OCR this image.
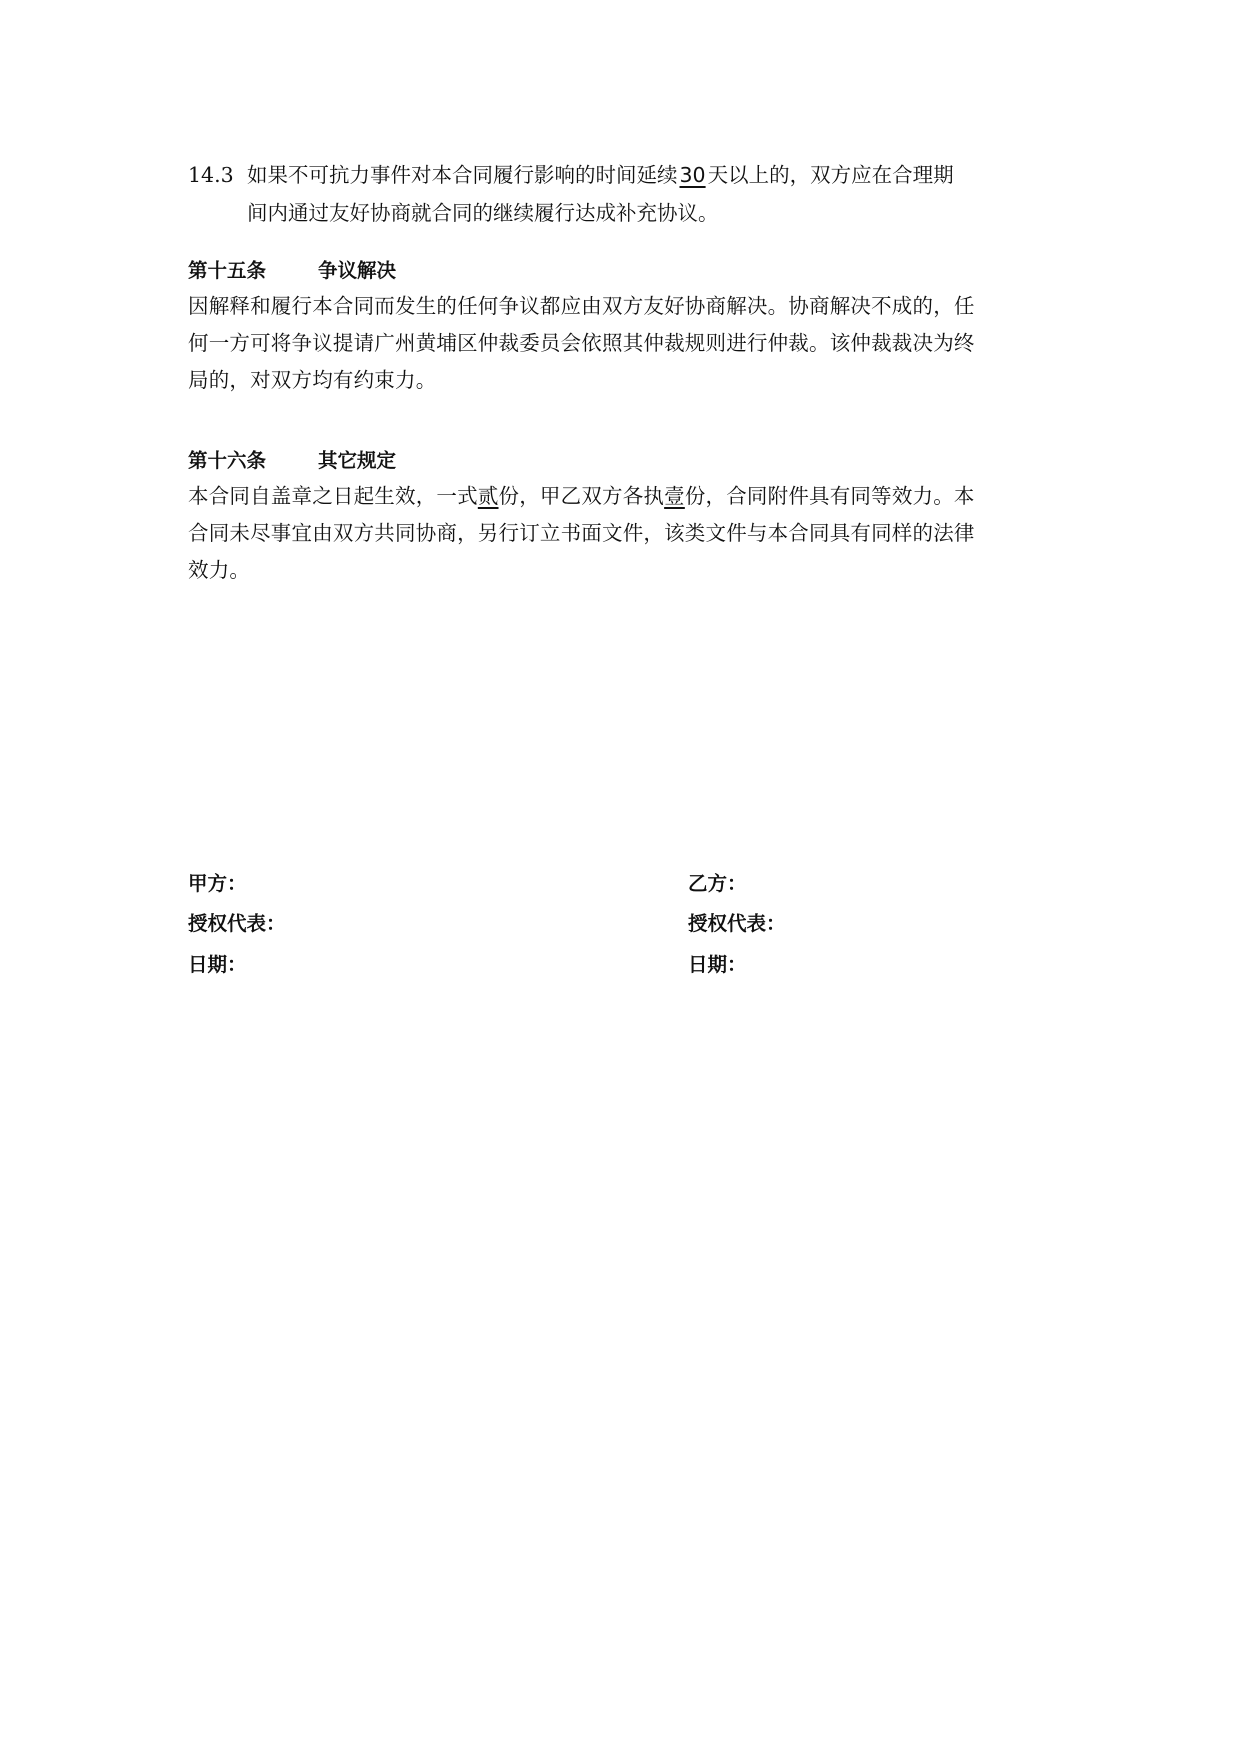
14.3 如果不可抗力事件对本合同履行影响的时间延续30天以上的，双方应在合理期
间内通过友好协商就合同的继续履行达成补充协议。
第十五条	争议解决
因解释和履行本合同而发生的任何争议都应由双方友好协商解决。协商解决不成的，任
何一方可将争议提请广州黄埔区仲裁委员会依照其仲裁规则进行仲裁。该仲裁裁决为终
局的，对双方均有约束力。
第十六条	其它规定
本合同自盖章之日起生效，一式贰份，甲乙双方各执壹份，合同附件具有同等效力。本
合同未尽事宜由双方共同协商，另行订立书面文件，该类文件与本合同具有同样的法律
效力。
甲方：
授权代表：
日期：
乙方：
授权代表：
日期：
